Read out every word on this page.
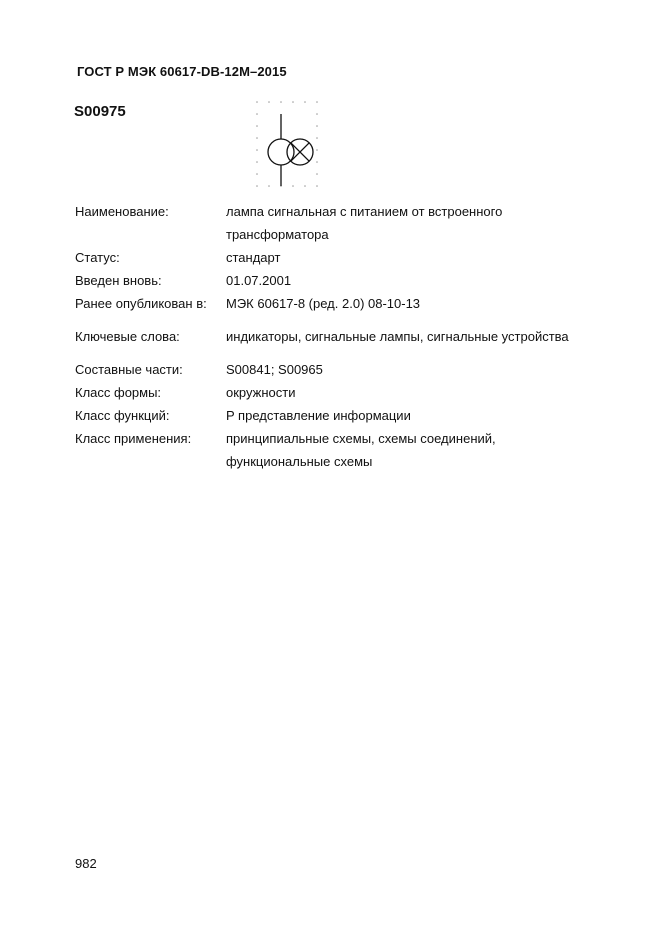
ГОСТ Р МЭК 60617-DB-12M–2015
S00975
Наименование:	лампа сигнальная с питанием от встроенного
трансформатора
Статус:	стандарт
Введен вновь:	01.07.2001
Ранее опубликован в: МЭК 60617-8 (ред. 2.0) 08-10-13
Ключевые слова:	индикаторы, сигнальные лампы, сигнальные устройства
Составные части:	S00841; S00965
Класс формы:	окружности
Класс функций:	P представление информации
Класс применения:	принципиальные схемы, схемы соединений,
функциональные схемы
982
